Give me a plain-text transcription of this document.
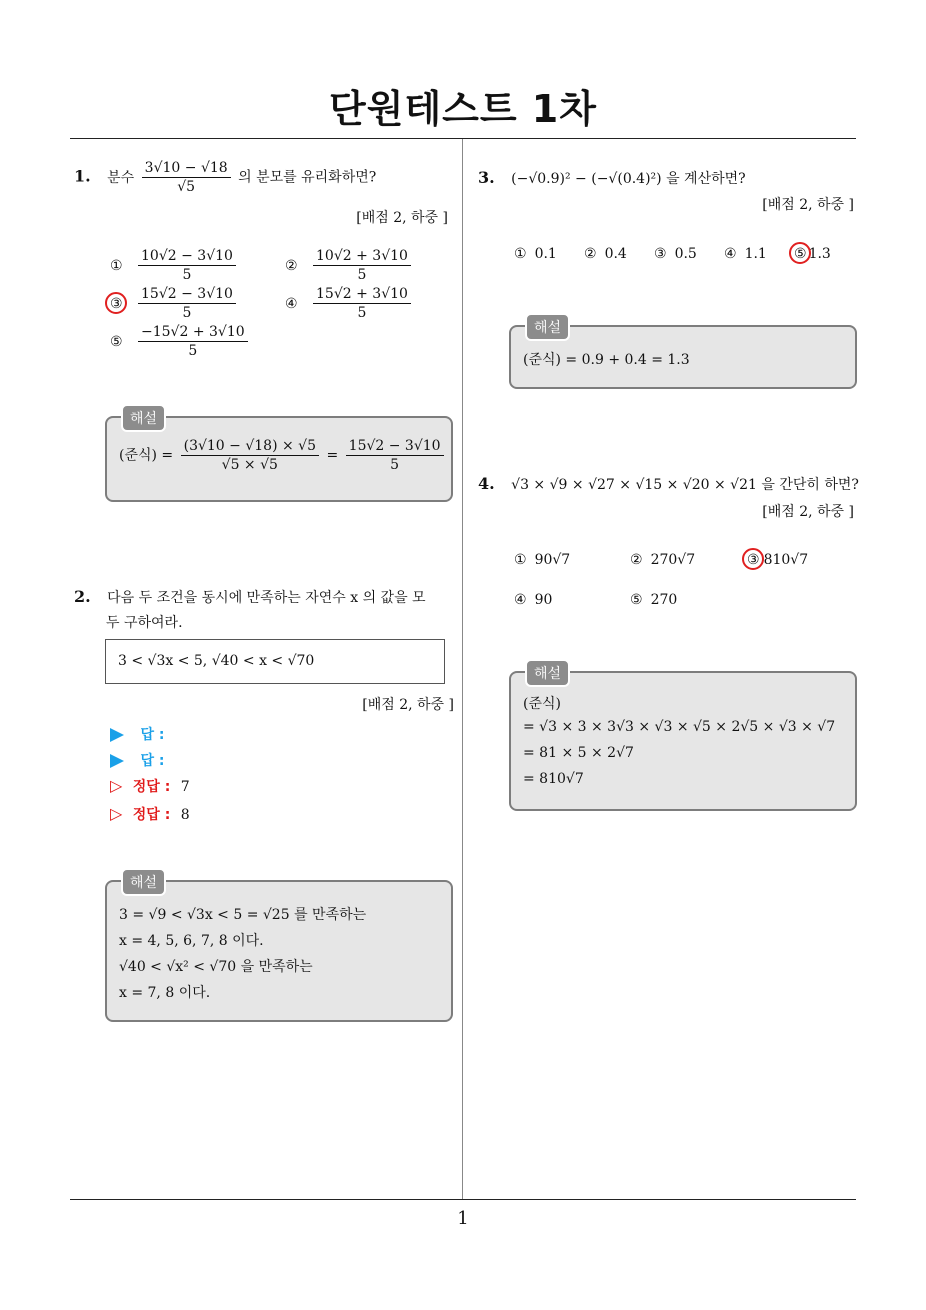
단원테스트 1차
1. 분수 $\frac{3√10 - √18}{√5}$ 의 분모를 유리화하면?
[배점 2, 하중 ]
① $\frac{10√2 - 3√10}{5}$	② $\frac{10√2 + 3√10}{5}$
③ $\frac{15√2 - 3√10}{5}$	④ $\frac{15√2 + 3√10}{5}$
⑤ $\frac{-15√2 + 3√10}{5}$
해설
(준식) = $\frac{(3√10 - √18) \times √5}{√5 \times √5} = \frac{15√2 - 3√10}{5}$
2. 다음 두 조건을 동시에 만족하는 자연수 x 의 값을 모
두 구하여라.
3 < √3x < 5, √40 < x < √70
[배점 2, 하중 ]
답 :
답 :
▷ 정답 : 7
▷ 정답 : 8
해설
3 = √9 < √3x < 5 = √25 를 만족하는
x = 4, 5, 6, 7, 8 이다.
√40 < √x² < √70 을 만족하는
x = 7, 8 이다.
3. (−√0.9)² − (−√(0.4)²) 을 계산하면?
[배점 2, 하중 ]
① 0.1 ② 0.4 ③ 0.5 ④ 1.1 ⑤ 1.3
해설
(준식) = 0.9 + 0.4 = 1.3
4. √3 × √9 × √27 × √15 × √20 × √21 을 간단히 하면?
[배점 2, 하중 ]
① 90√7	② 270√7	③ 810√7
④ 90	⑤ 270
해설
(준식)
= √3 × 3 × 3√3 × √3 × √5 × 2√5 × √3 × √7
= 81 × 5 × 2√7
= 810√7
1
